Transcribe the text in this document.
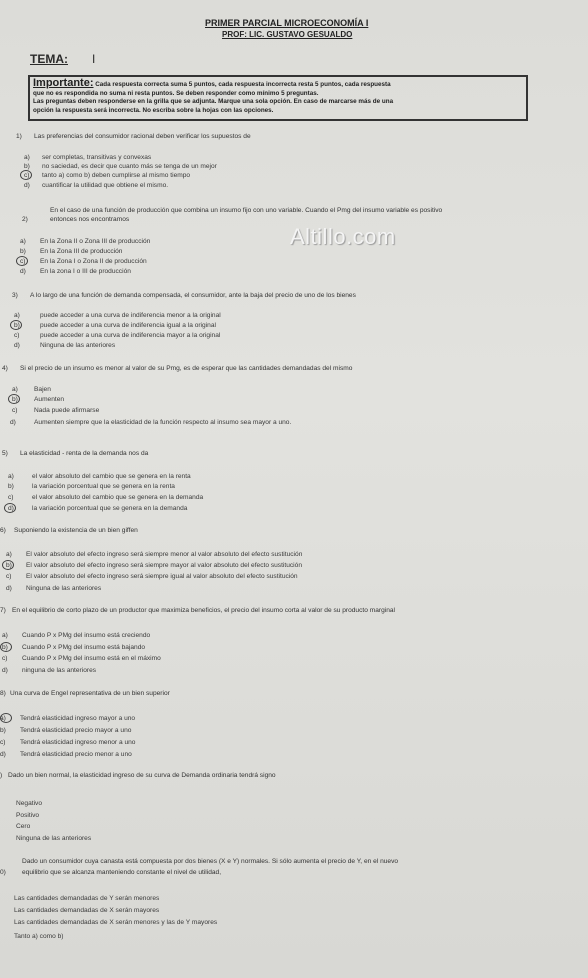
PRIMER PARCIAL MICROECONOMÍA I
PROF: LIC. GUSTAVO GESUALDO
TEMA: I
Importante: Cada respuesta correcta suma 5 puntos, cada respuesta incorrecta resta 5 puntos, cada respuesta
que no es respondida no suma ni resta puntos. Se deben responder como mínimo 5 preguntas.
Las preguntas deben responderse en la grilla que se adjunta. Marque una sola opción. En caso de marcarse más de una
opción la respuesta será incorrecta. No escriba sobre la hojas con las opciones.
Altillo.com
1) Las preferencias del consumidor racional deben verificar los supuestos de
a) ser completas, transitivas y convexas
b) no saciedad, es decir que cuanto más se tenga de un mejor
c) tanto a) como b) deben cumplirse al mismo tiempo
d) cuantificar la utilidad que obtiene el mismo.
2)
En el caso de una función de producción que combina un insumo fijo con uno variable. Cuando el Pmg del insumo variable es positivo
entonces nos encontramos
a) En la Zona II o Zona III de producción
b) En la Zona III de producción
c) En la Zona I o Zona II de producción
d) En la zona I o III de producción
3) A lo largo de una función de demanda compensada, el consumidor, ante la baja del precio de uno de los bienes
a)	puede acceder a una curva de indiferencia menor a la original
b)	puede acceder a una curva de indiferencia igual a la original
c)	puede acceder a una curva de indiferencia mayor a la original
d)	Ninguna de las anteriores
4) Si el precio de un insumo es menor al valor de su Pmg, es de esperar que las cantidades demandadas del mismo
a) Bajen
b) Aumenten
c)	Nada puede afirmarse
d)	Aumenten siempre que la elasticidad de la función respecto al insumo sea mayor a uno.
5) La elasticidad - renta de la demanda nos da
a)	el valor absoluto del cambio que se genera en la renta
b)	la variación porcentual que se genera en la renta
c)	el valor absoluto del cambio que se genera en la demanda
d)	la variación porcentual que se genera en la demanda
6) Suponiendo la existencia de un bien giffen
a) El valor absoluto del efecto ingreso será siempre menor al valor absoluto del efecto sustitución
b) El valor absoluto del efecto ingreso será siempre mayor al valor absoluto del efecto sustitución
c) El valor absoluto del efecto ingreso será siempre igual al valor absoluto del efecto sustitución
d) Ninguna de las anteriores
7) En el equilibrio de corto plazo de un productor que maximiza beneficios, el precio del insumo corta al valor de su producto marginal
a) Cuando P x PMg del insumo está creciendo
b) Cuando P x PMg del insumo está bajando
c) Cuando P x PMg del insumo está en el máximo
d) ninguna de las anteriores
8) Una curva de Engel representativa de un bien superior
a) Tendrá elasticidad ingreso mayor a uno
b) Tendrá elasticidad precio mayor a uno
c) Tendrá elasticidad ingreso menor a uno
d) Tendrá elasticidad precio menor a uno
) Dado un bien normal, la elasticidad ingreso de su curva de Demanda ordinaria tendrá signo
Negativo
Positivo
Cero
Ninguna de las anteriores
0)
Dado un consumidor cuya canasta está compuesta por dos bienes (X e Y) normales. Si sólo aumenta el precio de Y, en el nuevo
equilibrio que se alcanza manteniendo constante el nivel de utilidad,
Las cantidades demandadas de Y serán menores
Las cantidades demandadas de X serán mayores
Las cantidades demandadas de X serán menores y las de Y mayores
Tanto a) como b)
